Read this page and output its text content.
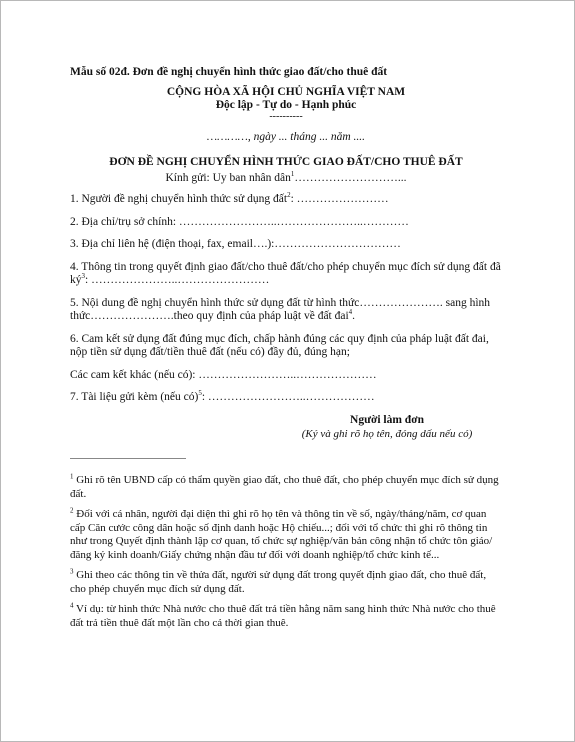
Mẫu số 02đ. Đơn đề nghị chuyển hình thức giao đất/cho thuê đất

CỘNG HÒA XÃ HỘI CHỦ NGHĨA VIỆT NAM

Độc lập - Tự do - Hạnh phúc

----------

…………, ngày ... tháng ... năm ....

ĐƠN ĐỀ NGHỊ CHUYỂN HÌNH THỨC GIAO ĐẤT/CHO THUÊ ĐẤT

Kính gửi: Uy ban nhân dân$^1$………………………...

1. Người đề nghị chuyển hình thức sử dụng đất$^2$: ……………………

2. Địa chỉ/trụ sở chính: ……………………..…………………..…………

3. Địa chỉ liên hệ (điện thoại, fax, email….):……………………………

4. Thông tin trong quyết định giao đất/cho thuê đất/cho phép chuyển mục đích sử dụng đất đã $ký^3$: …………………..……………………

5. Nội dung đề nghị chuyển hình thức sử dụng đất từ hình thức…………………. sang hình thức………………….theo quy định của pháp luật về đất đai$^4$.

6. Cam kết sử dụng đất đúng mục đích, chấp hành đúng các quy định của pháp luật đất đai, nộp tiền sử dụng đất/tiền thuê đất (nếu có) đầy đủ, đúng hạn;

Các cam kết khác (nếu có): ……………………..…………………

7. Tài liệu gửi kèm (nếu có)$^5$: ……………………..………………

Người làm đơn

(Ký và ghi rõ họ tên, đóng dấu nếu có)

$^1$ Ghi rõ tên UBND cấp có thẩm quyền giao đất, cho thuê đất, cho phép chuyển mục đích sử dụng đất.

$^2$ Đối với cá nhân, người đại diện thì ghi rõ họ tên và thông tin về số, ngày/tháng/năm, cơ quan cấp Căn cước công dân hoặc số định danh hoặc Hộ chiếu...; đối với tổ chức thì ghi rõ thông tin như trong Quyết định thành lập cơ quan, tổ chức sự nghiệp/văn bản công nhận tổ chức tôn giáo/đăng ký kinh doanh/Giấy chứng nhận đầu tư đối với doanh nghiệp/tổ chức kinh tế...

$^3$ Ghi theo các thông tin về thửa đất, người sử dụng đất trong quyết định giao đất, cho thuê đất, cho phép chuyển mục đích sử dụng đất.

$^4$ Ví dụ: từ hình thức Nhà nước cho thuê đất trả tiền hằng năm sang hình thức Nhà nước cho thuê đất trả tiền thuê đất một lần cho cả thời gian thuê.
